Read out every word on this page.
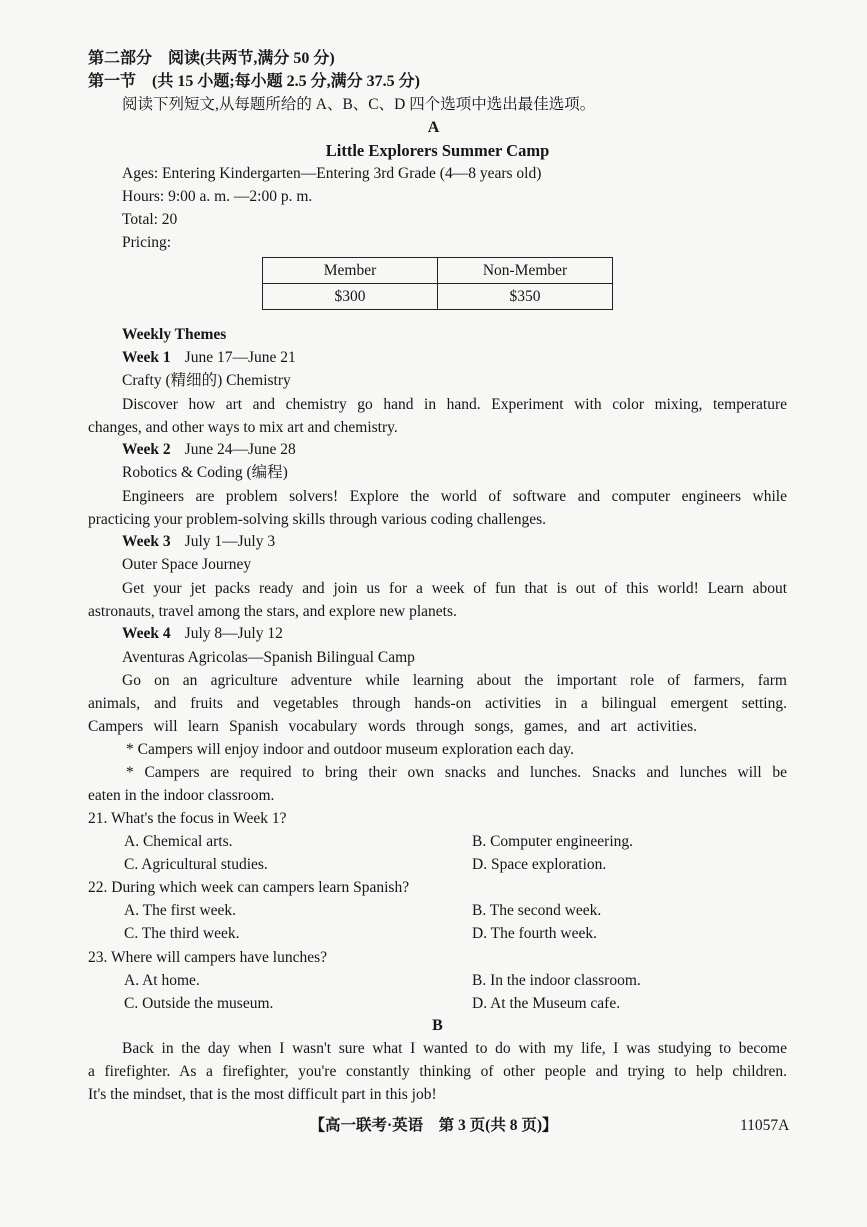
第二部分　阅读(共两节,满分 50 分)
第一节　(共 15 小题;每小题 2.5 分,满分 37.5 分)
阅读下列短文,从每题所给的 A、B、C、D 四个选项中选出最佳选项。
A
Little Explorers Summer Camp
Ages: Entering Kindergarten—Entering 3rd Grade (4—8 years old)
Hours: 9:00 a. m. —2:00 p. m.
Total: 20
Pricing:
Member	Non-Member
$300	$350
Weekly Themes
Week 1 June 17—June 21
Crafty (精细的) Chemistry
Discover how art and chemistry go hand in hand. Experiment with color mixing, temperature
changes, and other ways to mix art and chemistry.
Week 2 June 24—June 28
Robotics & Coding (编程)
Engineers are problem solvers! Explore the world of software and computer engineers while
practicing your problem-solving skills through various coding challenges.
Week 3 July 1—July 3
Outer Space Journey
Get your jet packs ready and join us for a week of fun that is out of this world! Learn about
astronauts, travel among the stars, and explore new planets.
Week 4 July 8—July 12
Aventuras Agricolas—Spanish Bilingual Camp
Go on an agriculture adventure while learning about the important role of farmers, farm
animals, and fruits and vegetables through hands-on activities in a bilingual emergent setting.
Campers will learn Spanish vocabulary words through songs, games, and art activities.
* Campers will enjoy indoor and outdoor museum exploration each day.
* Campers are required to bring their own snacks and lunches. Snacks and lunches will be
eaten in the indoor classroom.
21. What's the focus in Week 1?
A. Chemical arts.	B. Computer engineering.
C. Agricultural studies.	D. Space exploration.
22. During which week can campers learn Spanish?
A. The first week.	B. The second week.
C. The third week.	D. The fourth week.
23. Where will campers have lunches?
A. At home.	B. In the indoor classroom.
C. Outside the museum.	D. At the Museum cafe.
B
Back in the day when I wasn't sure what I wanted to do with my life, I was studying to become
a firefighter. As a firefighter, you're constantly thinking of other people and trying to help children.
It's the mindset, that is the most difficult part in this job!
【高一联考·英语　第 3 页(共 8 页)】	11057A
